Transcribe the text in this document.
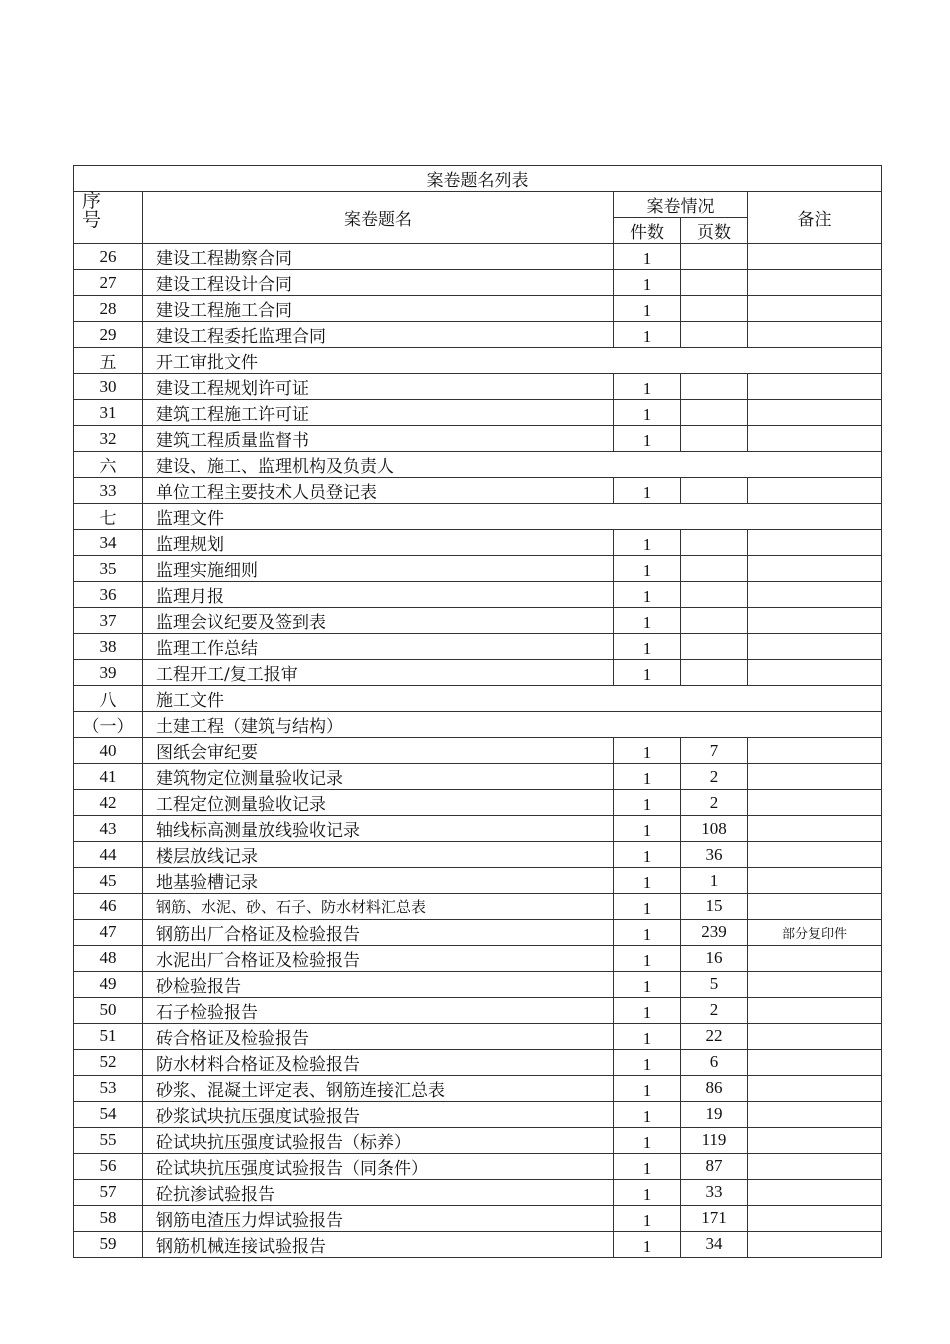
案卷题名列表				

序
号	案卷题名	案卷情况		备注
		件数	页数	
26	建设工程勘察合同	1		
27	建设工程设计合同	1		
28	建设工程施工合同	1		
29	建设工程委托监理合同	1		
五	开工审批文件			
30	建设工程规划许可证	1		
31	建筑工程施工许可证	1		
32	建筑工程质量监督书	1		
六	建设、施工、监理机构及负责人			
33	单位工程主要技术人员登记表	1		
七	监理文件			
34	监理规划	1		
35	监理实施细则	1		
36	监理月报	1		
37	监理会议纪要及签到表	1		
38	监理工作总结	1		
39	工程开工/复工报审	1		
八	施工文件			
（一）	土建工程（建筑与结构）			
40	图纸会审纪要	1	7	
41	建筑物定位测量验收记录	1	2	
42	工程定位测量验收记录	1	2	
43	轴线标高测量放线验收记录	1	108	
44	楼层放线记录	1	36	
45	地基验槽记录	1	1	
46	钢筋、水泥、砂、石子、防水材料汇总表	1	15	
47	钢筋出厂合格证及检验报告	1	239	部分复印件
48	水泥出厂合格证及检验报告	1	16	
49	砂检验报告	1	5	
50	石子检验报告	1	2	
51	砖合格证及检验报告	1	22	
52	防水材料合格证及检验报告	1	6	
53	砂浆、混凝土评定表、钢筋连接汇总表	1	86	
54	砂浆试块抗压强度试验报告	1	19	
55	砼试块抗压强度试验报告（标养）	1	119	
56	砼试块抗压强度试验报告（同条件）	1	87	
57	砼抗渗试验报告	1	33	
58	钢筋电渣压力焊试验报告	1	171	
59	钢筋机械连接试验报告	1	34	
